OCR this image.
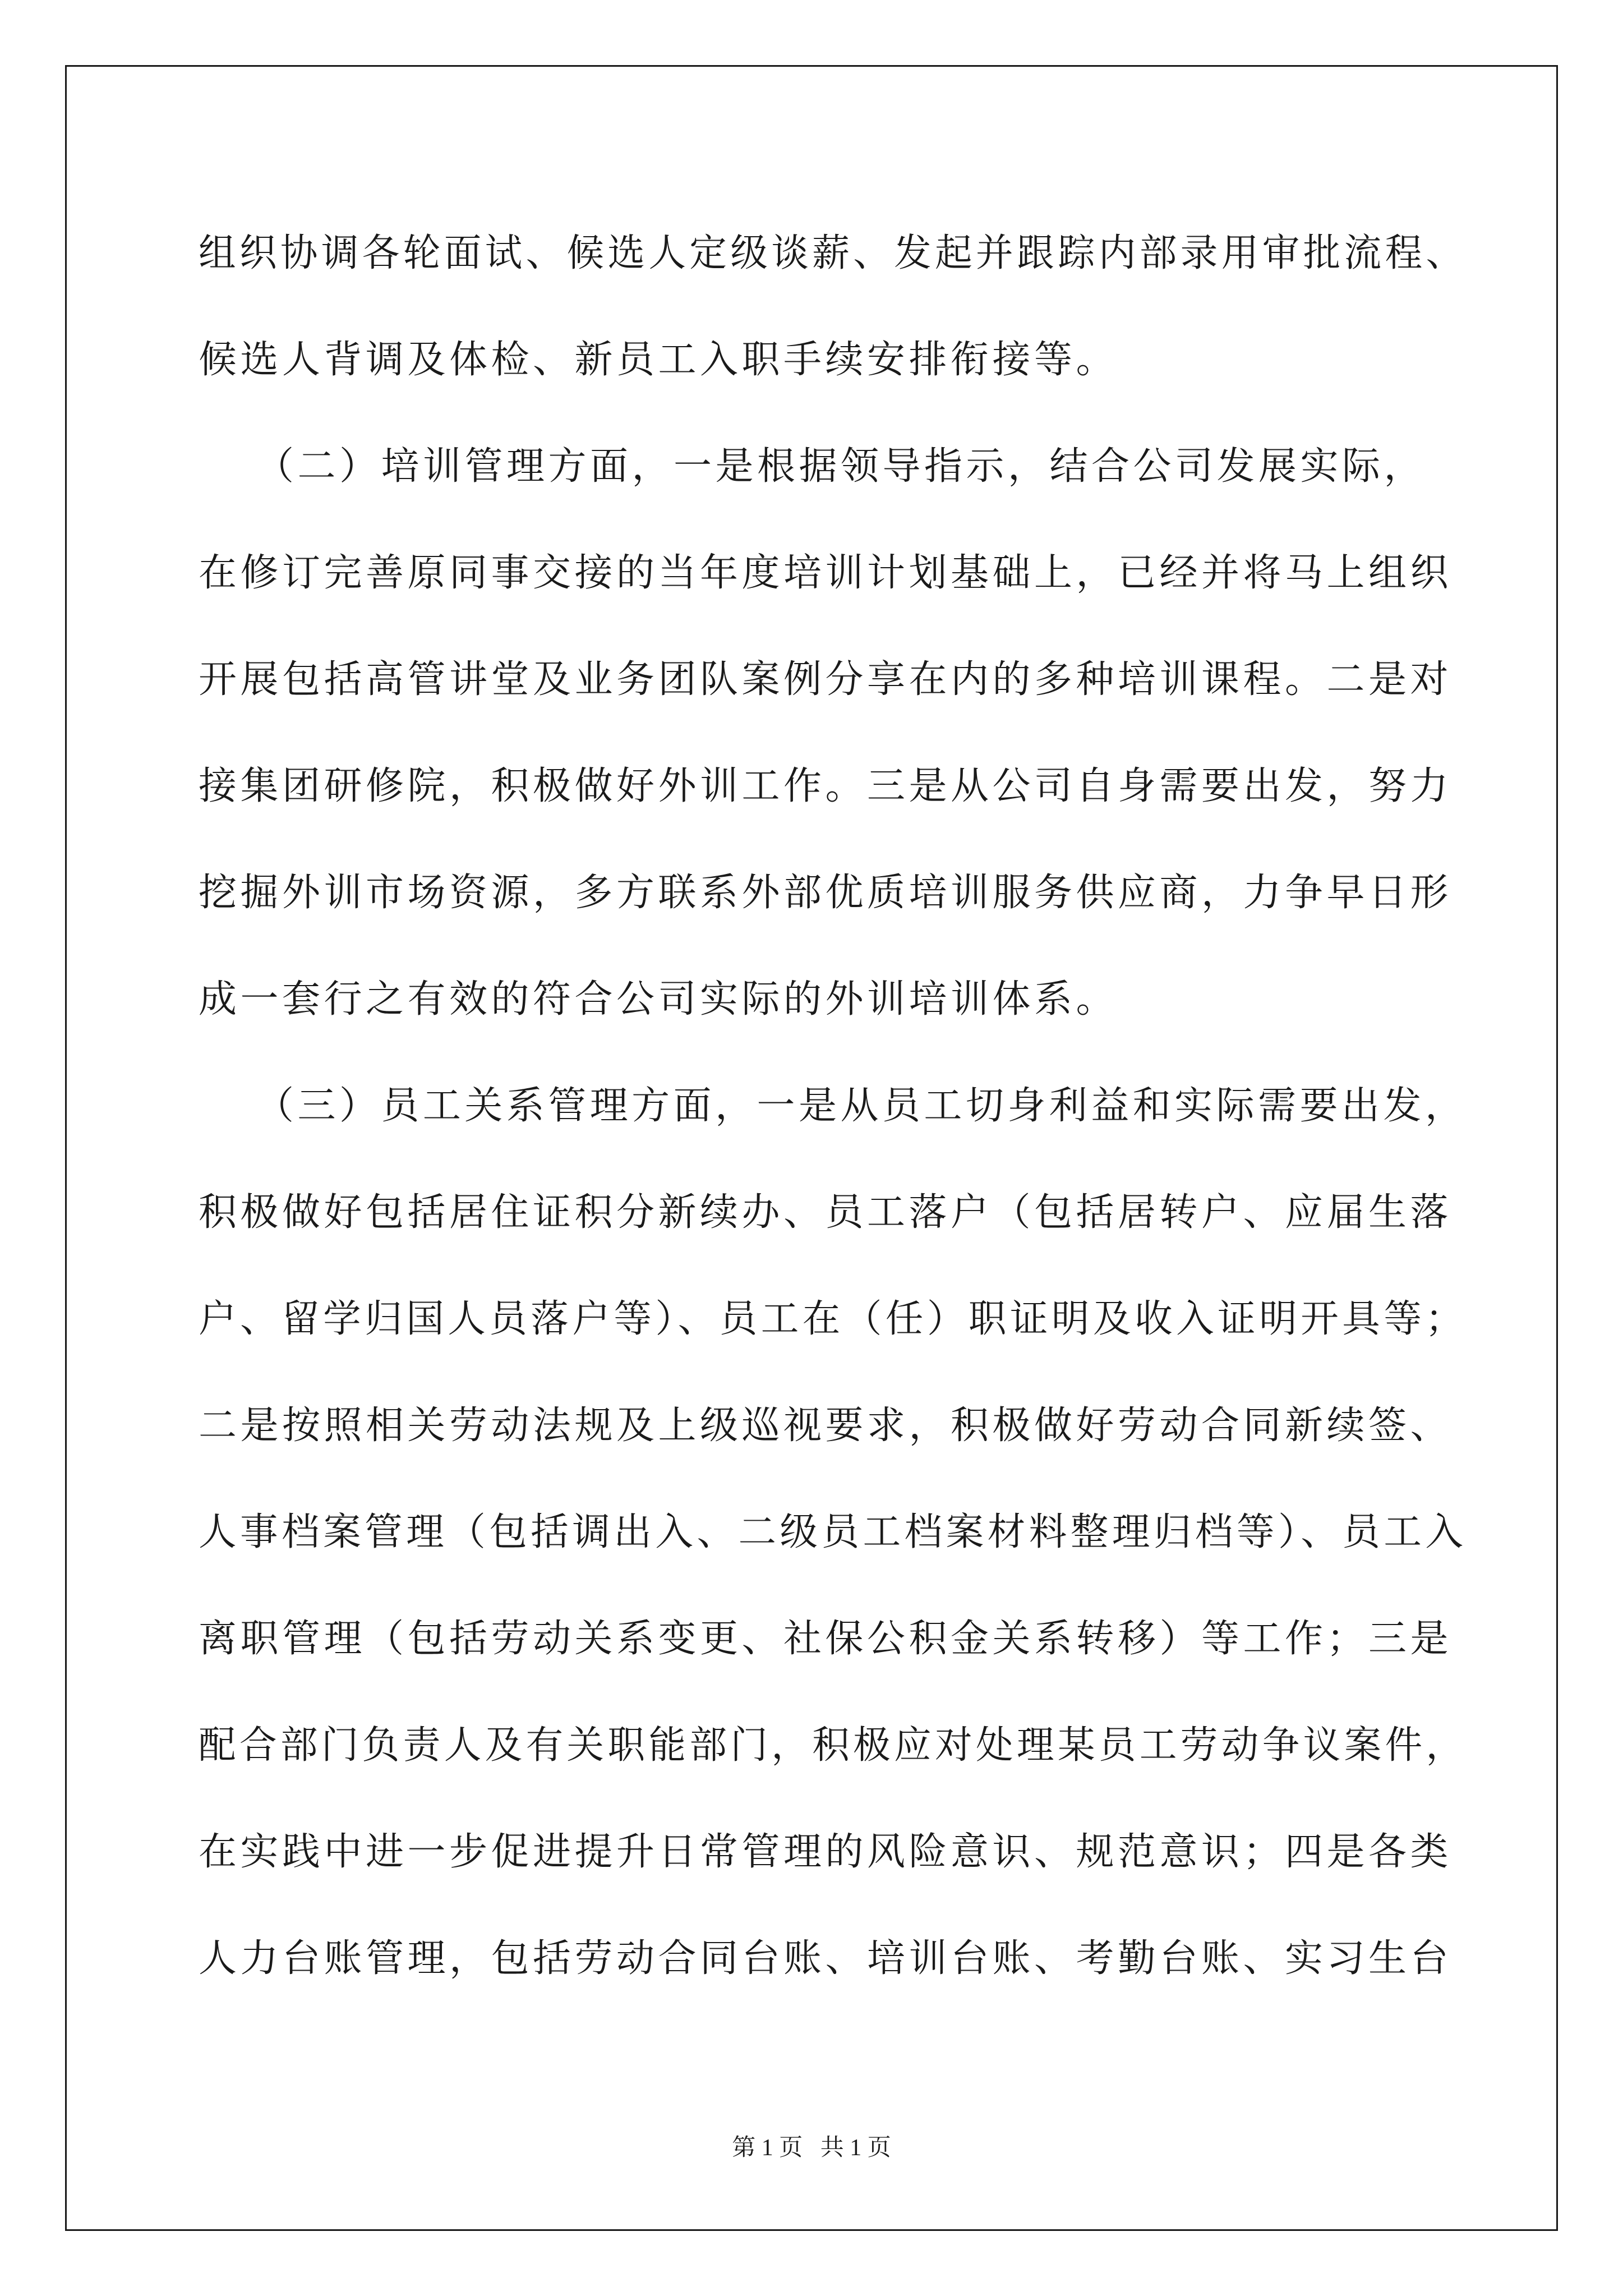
组织协调各轮面试、候选人定级谈薪、发起并跟踪内部录用审批流程、
候选人背调及体检、新员工入职手续安排衔接等。
（二）培训管理方面，一是根据领导指示，结合公司发展实际，
在修订完善原同事交接的当年度培训计划基础上，已经并将马上组织
开展包括高管讲堂及业务团队案例分享在内的多种培训课程。二是对
接集团研修院，积极做好外训工作。三是从公司自身需要出发，努力
挖掘外训市场资源，多方联系外部优质培训服务供应商，力争早日形
成一套行之有效的符合公司实际的外训培训体系。
（三）员工关系管理方面，一是从员工切身利益和实际需要出发，
积极做好包括居住证积分新续办、员工落户（包括居转户、应届生落
户、留学归国人员落户等）、员工在（任）职证明及收入证明开具等；
二是按照相关劳动法规及上级巡视要求，积极做好劳动合同新续签、
人事档案管理（包括调出入、二级员工档案材料整理归档等）、员工入
离职管理（包括劳动关系变更、社保公积金关系转移）等工作；三是
配合部门负责人及有关职能部门，积极应对处理某员工劳动争议案件，
在实践中进一步促进提升日常管理的风险意识、规范意识；四是各类
人力台账管理，包括劳动合同台账、培训台账、考勤台账、实习生台
第 1 页   共 1 页
